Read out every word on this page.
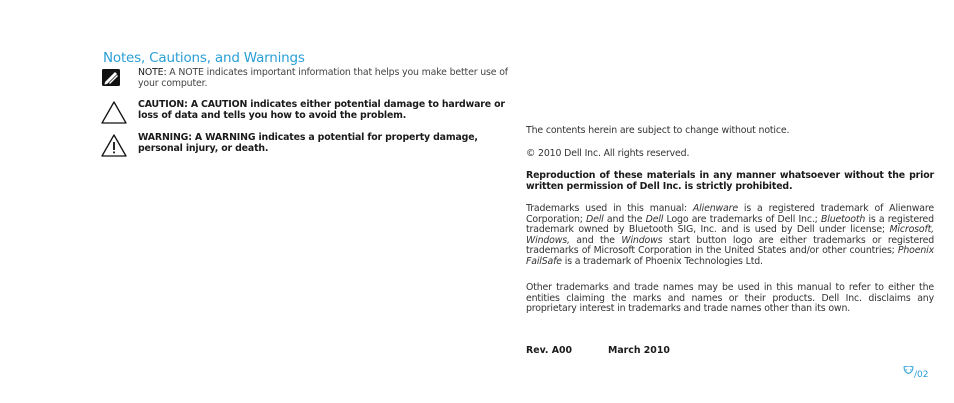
Notes, Cautions, and Warnings
NOTE: A NOTE indicates important information that helps you make better use of your computer.
CAUTION: A CAUTION indicates either potential damage to hardware or loss of data and tells you how to avoid the problem.
WARNING: A WARNING indicates a potential for property damage, personal injury, or death.
The contents herein are subject to change without notice.
© 2010 Dell Inc. All rights reserved.
Reproduction of these materials in any manner whatsoever without the prior written permission of Dell Inc. is strictly prohibited.
Trademarks used in this manual: Alienware is a registered trademark of Alienware Corporation; Dell and the Dell Logo are trademarks of Dell Inc.; Bluetooth is a registered trademark owned by Bluetooth SIG, Inc. and is used by Dell under license; Microsoft, Windows, and the Windows start button logo are either trademarks or registered trademarks of Microsoft Corporation in the United States and/or other countries; Phoenix FailSafe is a trademark of Phoenix Technologies Ltd.
Other trademarks and trade names may be used in this manual to refer to either the entities claiming the marks and names or their products. Dell Inc. disclaims any proprietary interest in trademarks and trade names other than its own.
Rev. A00	March 2010
/02
